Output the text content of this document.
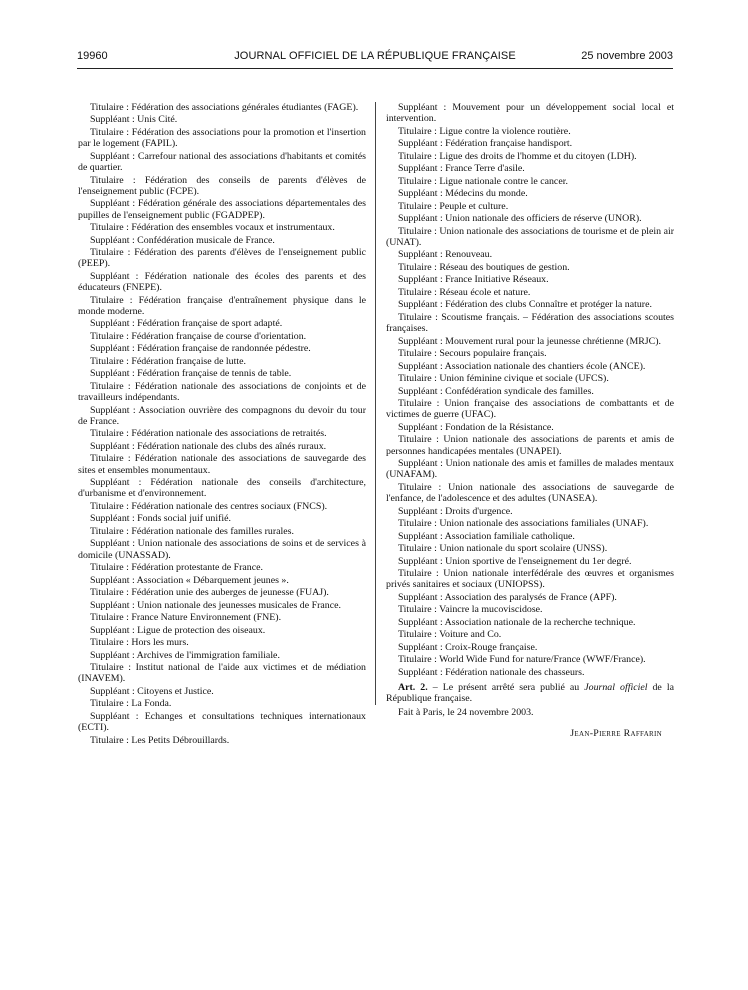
19960	JOURNAL OFFICIEL DE LA RÉPUBLIQUE FRANÇAISE	25 novembre 2003

Titulaire : Fédération des associations générales étudiantes (FAGE).

Suppléant : Unis Cité.

Titulaire : Fédération des associations pour la promotion et l'insertion par le logement (FAPIL).

Suppléant : Carrefour national des associations d'habitants et comités de quartier.

Titulaire : Fédération des conseils de parents d'élèves de l'enseignement public (FCPE).

Suppléant : Fédération générale des associations départementales des pupilles de l'enseignement public (FGADPEP).

Titulaire : Fédération des ensembles vocaux et instrumentaux.

Suppléant : Confédération musicale de France.

Titulaire : Fédération des parents d'élèves de l'enseignement public (PEEP).

Suppléant : Fédération nationale des écoles des parents et des éducateurs (FNEPE).

Titulaire : Fédération française d'entraînement physique dans le monde moderne.

Suppléant : Fédération française de sport adapté.

Titulaire : Fédération française de course d'orientation.

Suppléant : Fédération française de randonnée pédestre.

Titulaire : Fédération française de lutte.

Suppléant : Fédération française de tennis de table.

Titulaire : Fédération nationale des associations de conjoints et de travailleurs indépendants.

Suppléant : Association ouvrière des compagnons du devoir du tour de France.

Titulaire : Fédération nationale des associations de retraités.

Suppléant : Fédération nationale des clubs des aînés ruraux.

Titulaire : Fédération nationale des associations de sauvegarde des sites et ensembles monumentaux.

Suppléant : Fédération nationale des conseils d'architecture, d'urbanisme et d'environnement.

Titulaire : Fédération nationale des centres sociaux (FNCS).

Suppléant : Fonds social juif unifié.

Titulaire : Fédération nationale des familles rurales.

Suppléant : Union nationale des associations de soins et de services à domicile (UNASSAD).

Titulaire : Fédération protestante de France.

Suppléant : Association « Débarquement jeunes ».

Titulaire : Fédération unie des auberges de jeunesse (FUAJ).

Suppléant : Union nationale des jeunesses musicales de France.

Titulaire : France Nature Environnement (FNE).

Suppléant : Ligue de protection des oiseaux.

Titulaire : Hors les murs.

Suppléant : Archives de l'immigration familiale.

Titulaire : Institut national de l'aide aux victimes et de médiation (INAVEM).

Suppléant : Citoyens et Justice.

Titulaire : La Fonda.

Suppléant : Echanges et consultations techniques internationaux (ECTI).

Titulaire : Les Petits Débrouillards.

Suppléant : Mouvement pour un développement social local et intervention.

Titulaire : Ligue contre la violence routière.

Suppléant : Fédération française handisport.

Titulaire : Ligue des droits de l'homme et du citoyen (LDH).

Suppléant : France Terre d'asile.

Titulaire : Ligue nationale contre le cancer.

Suppléant : Médecins du monde.

Titulaire : Peuple et culture.

Suppléant : Union nationale des officiers de réserve (UNOR).

Titulaire : Union nationale des associations de tourisme et de plein air (UNAT).

Suppléant : Renouveau.

Titulaire : Réseau des boutiques de gestion.

Suppléant : France Initiative Réseaux.

Titulaire : Réseau école et nature.

Suppléant : Fédération des clubs Connaître et protéger la nature.

Titulaire : Scoutisme français. – Fédération des associations scoutes françaises.

Suppléant : Mouvement rural pour la jeunesse chrétienne (MRJC).

Titulaire : Secours populaire français.

Suppléant : Association nationale des chantiers école (ANCE).

Titulaire : Union féminine civique et sociale (UFCS).

Suppléant : Confédération syndicale des familles.

Titulaire : Union française des associations de combattants et de victimes de guerre (UFAC).

Suppléant : Fondation de la Résistance.

Titulaire : Union nationale des associations de parents et amis de personnes handicapées mentales (UNAPEI).

Suppléant : Union nationale des amis et familles de malades mentaux (UNAFAM).

Titulaire : Union nationale des associations de sauvegarde de l'enfance, de l'adolescence et des adultes (UNASEA).

Suppléant : Droits d'urgence.

Titulaire : Union nationale des associations familiales (UNAF).

Suppléant : Association familiale catholique.

Titulaire : Union nationale du sport scolaire (UNSS).

Suppléant : Union sportive de l'enseignement du 1er degré.

Titulaire : Union nationale interfédérale des œuvres et organismes privés sanitaires et sociaux (UNIOPSS).

Suppléant : Association des paralysés de France (APF).

Titulaire : Vaincre la mucoviscidose.

Suppléant : Association nationale de la recherche technique.

Titulaire : Voiture and Co.

Suppléant : Croix-Rouge française.

Titulaire : World Wide Fund for nature/France (WWF/France).

Suppléant : Fédération nationale des chasseurs.

Art. 2. – Le présent arrêté sera publié au Journal officiel de la République française.

Fait à Paris, le 24 novembre 2003.

Jean-Pierre Raffarin
